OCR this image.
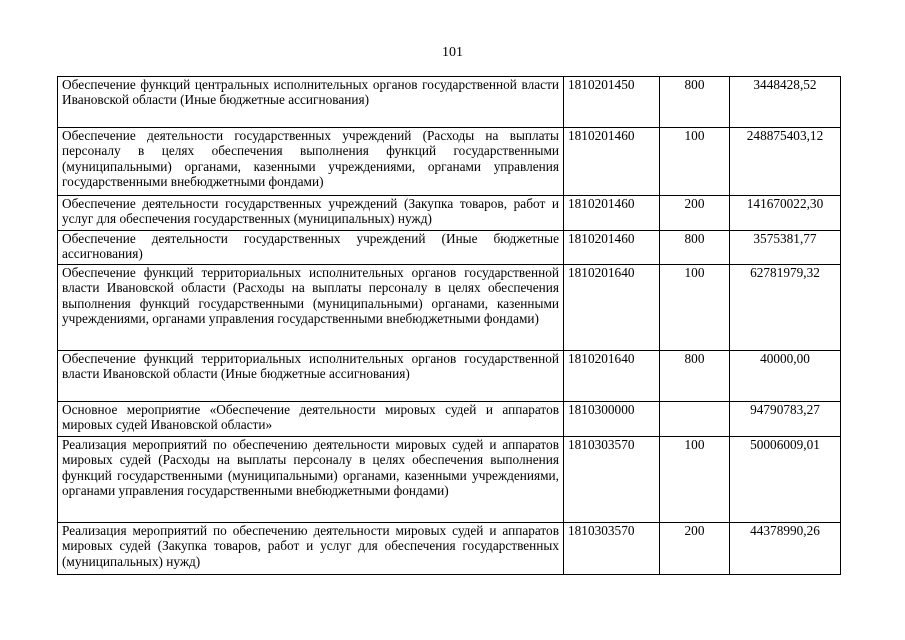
101
Обеспечение функций центральных исполнительных органов государственной власти Ивановской области (Иные бюджетные ассигнования)	1810201450	800	3448428,52
Обеспечение деятельности государственных учреждений (Расходы на выплаты персоналу в целях обеспечения выполнения функций государственными (муниципальными) органами, казенными учреждениями, органами управления государственными внебюджетными фондами)	1810201460	100	248875403,12
Обеспечение деятельности государственных учреждений (Закупка товаров, работ и услуг для обеспечения государственных (муниципальных) нужд)	1810201460	200	141670022,30
Обеспечение деятельности государственных учреждений (Иные бюджетные ассигнования)	1810201460	800	3575381,77
Обеспечение функций территориальных исполнительных органов государственной власти Ивановской области (Расходы на выплаты персоналу в целях обеспечения выполнения функций государственными (муниципальными) органами, казенными учреждениями, органами управления государственными внебюджетными фондами)	1810201640	100	62781979,32
Обеспечение функций территориальных исполнительных органов государственной власти Ивановской области (Иные бюджетные ассигнования)	1810201640	800	40000,00
Основное мероприятие «Обеспечение деятельности мировых судей и аппаратов мировых судей Ивановской области»	1810300000		94790783,27
Реализация мероприятий по обеспечению деятельности мировых судей и аппаратов мировых судей (Расходы на выплаты персоналу в целях обеспечения выполнения функций государственными (муниципальными) органами, казенными учреждениями, органами управления государственными внебюджетными фондами)	1810303570	100	50006009,01
Реализация мероприятий по обеспечению деятельности мировых судей и аппаратов мировых судей (Закупка товаров, работ и услуг для обеспечения государственных (муниципальных) нужд)	1810303570	200	44378990,26
